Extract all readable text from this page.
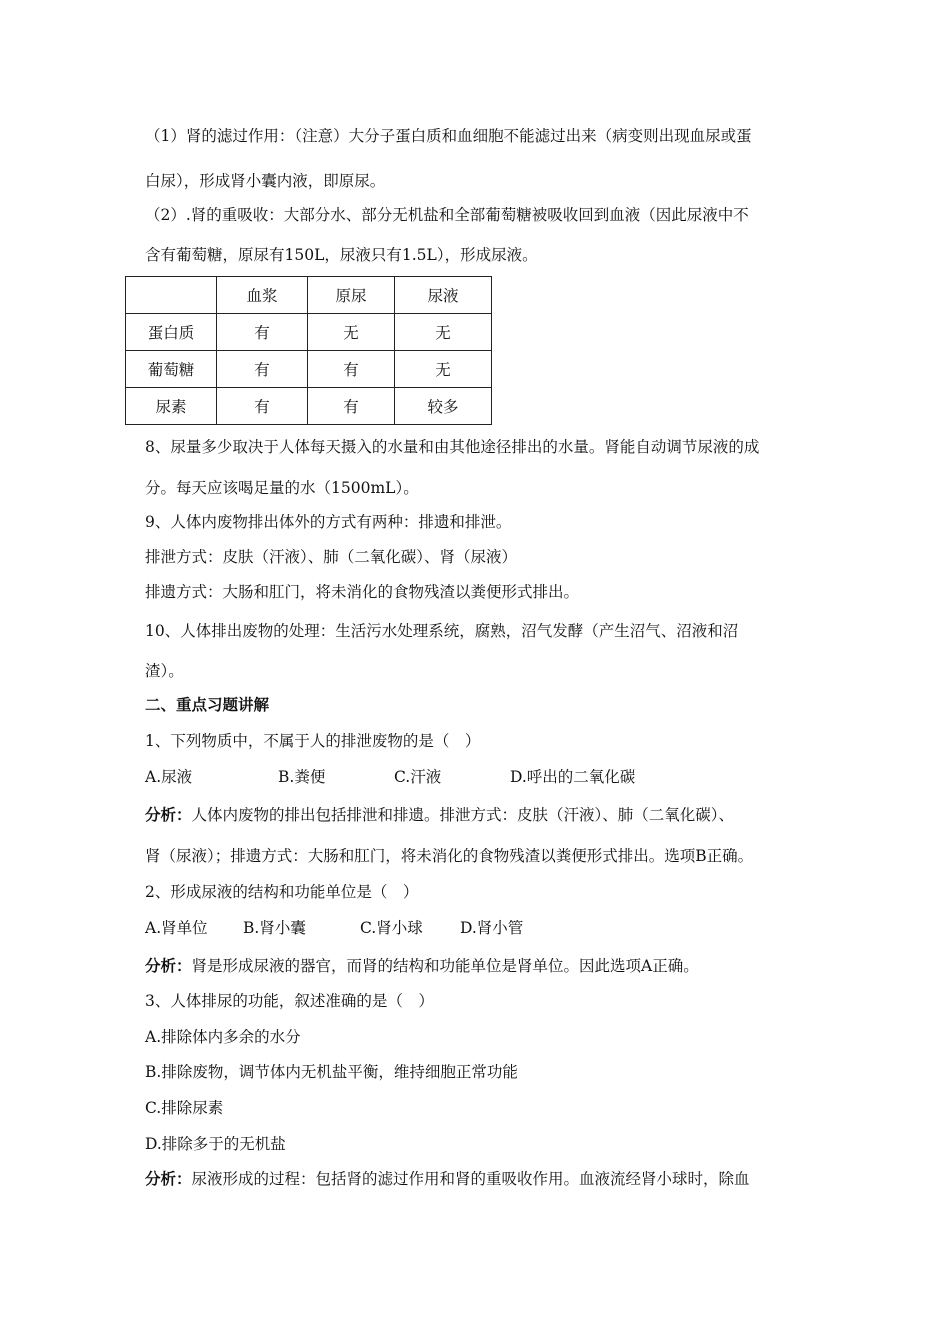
（1）肾的滤过作用：（注意）大分子蛋白质和血细胞不能滤过出来（病变则出现血尿或蛋
白尿），形成肾小囊内液，即原尿。
（2）.肾的重吸收：大部分水、部分无机盐和全部葡萄糖被吸收回到血液（因此尿液中不
含有葡萄糖，原尿有150L，尿液只有1.5L），形成尿液。
	血浆	原尿	尿液
蛋白质	有	无	无
葡萄糖	有	有	无
尿素	有	有	较多
8、尿量多少取决于人体每天摄入的水量和由其他途径排出的水量。肾能自动调节尿液的成
分。每天应该喝足量的水（1500mL）。
9、人体内废物排出体外的方式有两种：排遗和排泄。
排泄方式：皮肤（汗液）、肺（二氧化碳）、肾（尿液）
排遗方式：大肠和肛门，将未消化的食物残渣以粪便形式排出。
10、人体排出废物的处理：生活污水处理系统，腐熟，沼气发酵（产生沼气、沼液和沼
渣）。
二、重点习题讲解
1、下列物质中，不属于人的排泄废物的是（　）
A.尿液	B.粪便	C.汗液	D.呼出的二氧化碳
分析：人体内废物的排出包括排泄和排遗。排泄方式：皮肤（汗液）、肺（二氧化碳）、
肾（尿液）；排遗方式：大肠和肛门，将未消化的食物残渣以粪便形式排出。选项B正确。
2、形成尿液的结构和功能单位是（　）
A.肾单位 B.肾小囊	C.肾小球 D.肾小管
分析：肾是形成尿液的器官，而肾的结构和功能单位是肾单位。因此选项A正确。
3、人体排尿的功能，叙述准确的是（　）
A.排除体内多余的水分
B.排除废物，调节体内无机盐平衡，维持细胞正常功能
C.排除尿素
D.排除多于的无机盐
分析：尿液形成的过程：包括肾的滤过作用和肾的重吸收作用。血液流经肾小球时，除血
